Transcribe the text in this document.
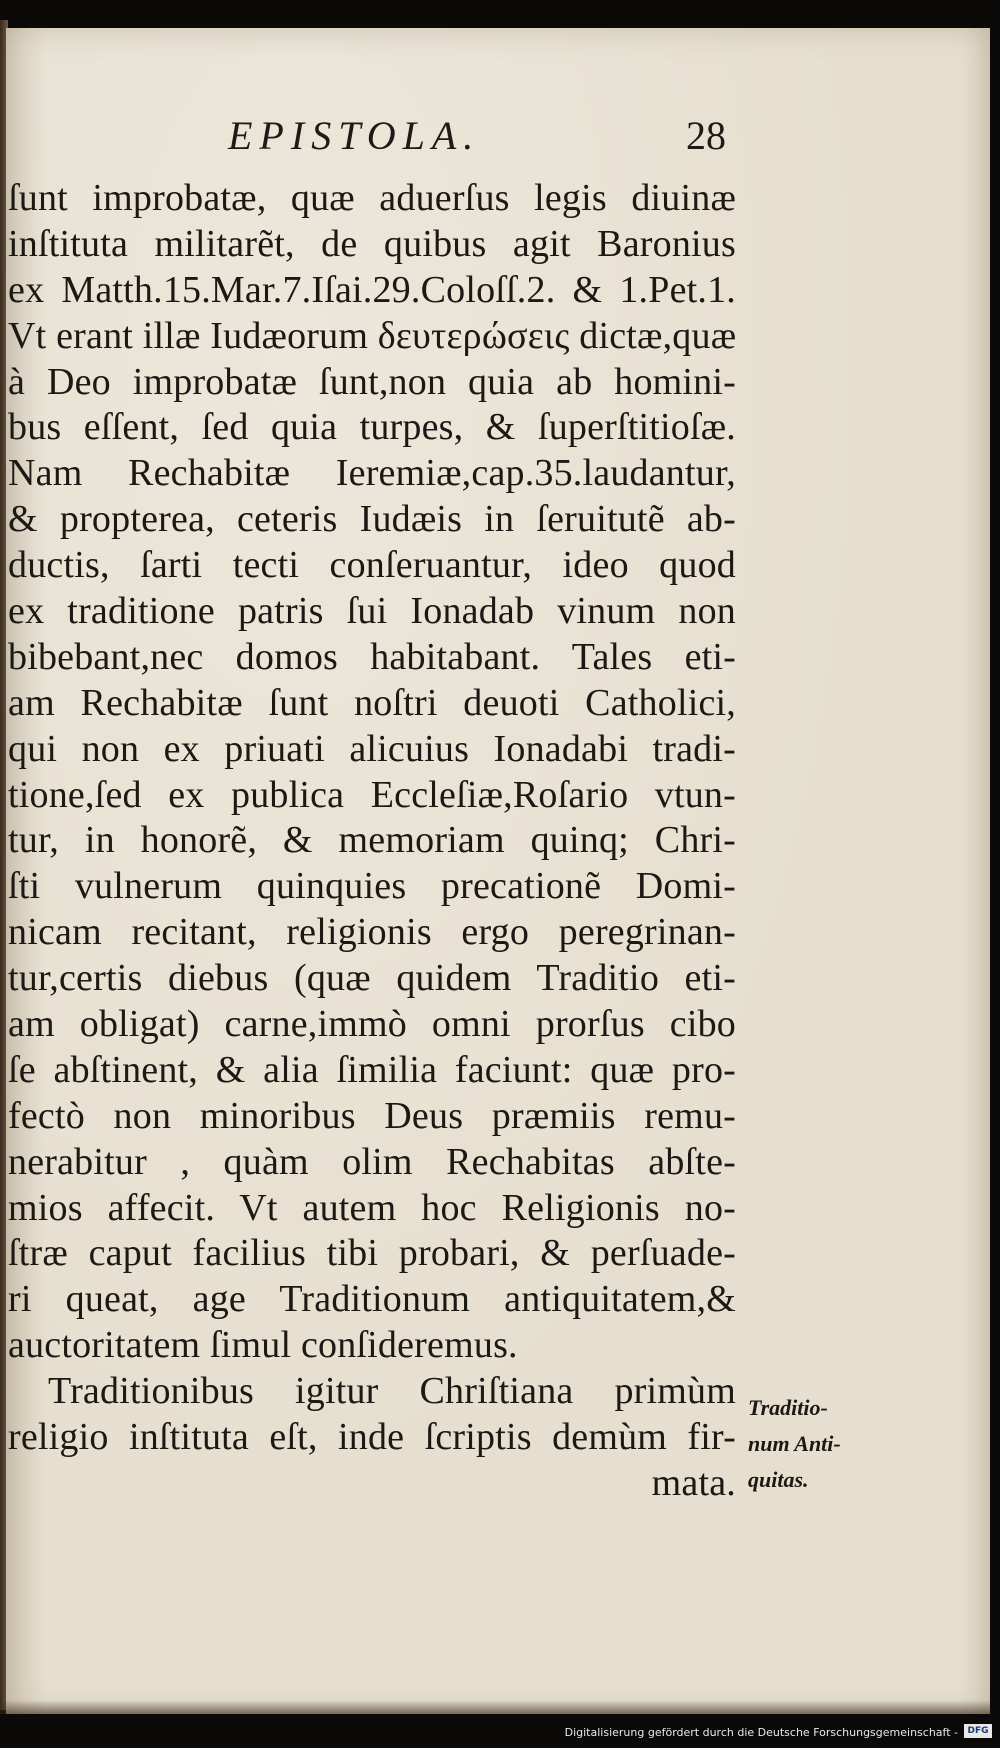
EPISTOLA.	28
ſunt improbatæ, quæ aduerſus legis diuinæ
inſtituta militarẽt, de quibus agit Baronius
ex Matth.15.Mar.7.Iſai.29.Coloſſ.2. & 1.Pet.1.
Vt erant illæ Iudæorum δευτερώσεις dictæ,quæ
à Deo improbatæ ſunt,non quia ab homini-
bus eſſent, ſed quia turpes, & ſuperſtitioſæ.
Nam Rechabitæ Ieremiæ,cap.35.laudantur,
& propterea, ceteris Iudæis in ſeruitutẽ ab-
ductis, ſarti tecti conſeruantur, ideo quod
ex traditione patris ſui Ionadab vinum non
bibebant,nec domos habitabant. Tales eti-
am Rechabitæ ſunt noſtri deuoti Catholici,
qui non ex priuati alicuius Ionadabi tradi-
tione,ſed ex publica Eccleſiæ,Roſario vtun-
tur, in honorẽ, & memoriam quinq; Chri-
ſti vulnerum quinquies precationẽ Domi-
nicam recitant, religionis ergo peregrinan-
tur,certis diebus (quæ quidem Traditio eti-
am obligat) carne,immò omni prorſus cibo
ſe abſtinent, & alia ſimilia faciunt: quæ pro-
fectò non minoribus Deus præmiis remu-
nerabitur , quàm olim Rechabitas abſte-
mios affecit. Vt autem hoc Religionis no-
ſtræ caput facilius tibi probari, & perſuade-
ri queat, age Traditionum antiquitatem,&
auctoritatem ſimul conſideremus.
Traditionibus igitur Chriſtiana primùm
religio inſtituta eſt, inde ſcriptis demùm fir-
mata.
Traditio-
num Anti-
quitas.
Digitalisierung gefördert durch die Deutsche Forschungsgemeinschaft -	DFG
